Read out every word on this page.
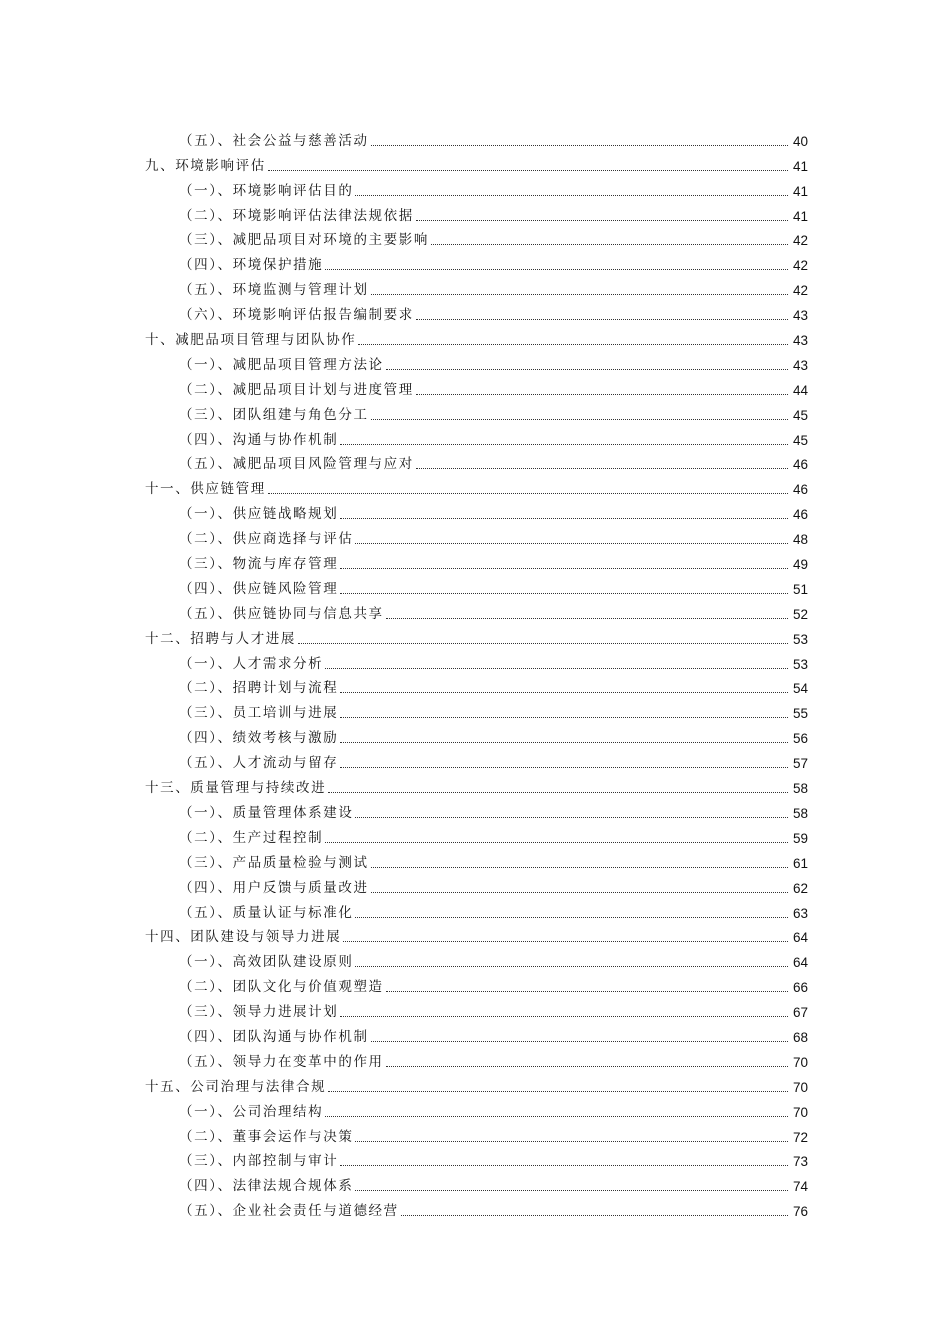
（五）、社会公益与慈善活动	40
九、环境影响评估	41
（一）、环境影响评估目的	41
（二）、环境影响评估法律法规依据	41
（三）、减肥品项目对环境的主要影响	42
（四）、环境保护措施	42
（五）、环境监测与管理计划	42
（六）、环境影响评估报告编制要求	43
十、减肥品项目管理与团队协作	43
（一）、减肥品项目管理方法论	43
（二）、减肥品项目计划与进度管理	44
（三）、团队组建与角色分工	45
（四）、沟通与协作机制	45
（五）、减肥品项目风险管理与应对	46
十一、供应链管理	46
（一）、供应链战略规划	46
（二）、供应商选择与评估	48
（三）、物流与库存管理	49
（四）、供应链风险管理	51
（五）、供应链协同与信息共享	52
十二、招聘与人才进展	53
（一）、人才需求分析	53
（二）、招聘计划与流程	54
（三）、员工培训与进展	55
（四）、绩效考核与激励	56
（五）、人才流动与留存	57
十三、质量管理与持续改进	58
（一）、质量管理体系建设	58
（二）、生产过程控制	59
（三）、产品质量检验与测试	61
（四）、用户反馈与质量改进	62
（五）、质量认证与标准化	63
十四、团队建设与领导力进展	64
（一）、高效团队建设原则	64
（二）、团队文化与价值观塑造	66
（三）、领导力进展计划	67
（四）、团队沟通与协作机制	68
（五）、领导力在变革中的作用	70
十五、公司治理与法律合规	70
（一）、公司治理结构	70
（二）、董事会运作与决策	72
（三）、内部控制与审计	73
（四）、法律法规合规体系	74
（五）、企业社会责任与道德经营	76
